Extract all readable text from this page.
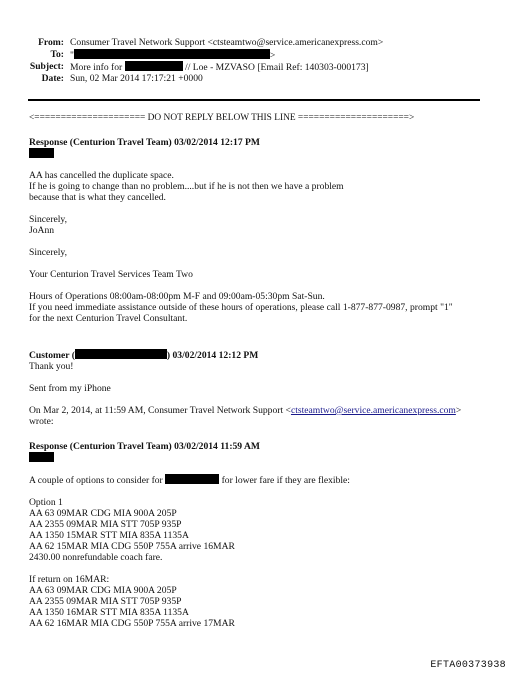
From: Consumer Travel Network Support <ctsteamtwo@service.americanexpress.com>
To: "	>
Subject: More info for	// Loe - MZVASO [Email Ref: 140303-000173]
Date: Sun, 02 Mar 2014 17:17:21 +0000
<===================== DO NOT REPLY BELOW THIS LINE =====================>
Response (Centurion Travel Team) 03/02/2014 12:17 PM
AA has cancelled the duplicate space.
If he is going to change than no problem....but if he is not then we have a problem
because that is what they cancelled.
Sincerely,
JoAnn
Sincerely,
Your Centurion Travel Services Team Two
Hours of Operations 08:00am-08:00pm M-F and 09:00am-05:30pm Sat-Sun.
If you need immediate assistance outside of these hours of operations, please call 1-877-877-0987, prompt "1"
for the next Centurion Travel Consultant.
Customer (	) 03/02/2014 12:12 PM
Thank you!
Sent from my iPhone
On Mar 2, 2014, at 11:59 AM, Consumer Travel Network Support <ctsteamtwo@service.americanexpress.com>
wrote:
Response (Centurion Travel Team) 03/02/2014 11:59 AM
A couple of options to consider for	for lower fare if they are flexible:
Option 1
AA 63 09MAR CDG MIA 900A 205P
AA 2355 09MAR MIA STT 705P 935P
AA 1350 15MAR STT MIA 835A 1135A
AA 62 15MAR MIA CDG 550P 755A arrive 16MAR
2430.00 nonrefundable coach fare.
If return on 16MAR:
AA 63 09MAR CDG MIA 900A 205P
AA 2355 09MAR MIA STT 705P 935P
AA 1350 16MAR STT MIA 835A 1135A
AA 62 16MAR MIA CDG 550P 755A arrive 17MAR
EFTA00373938
